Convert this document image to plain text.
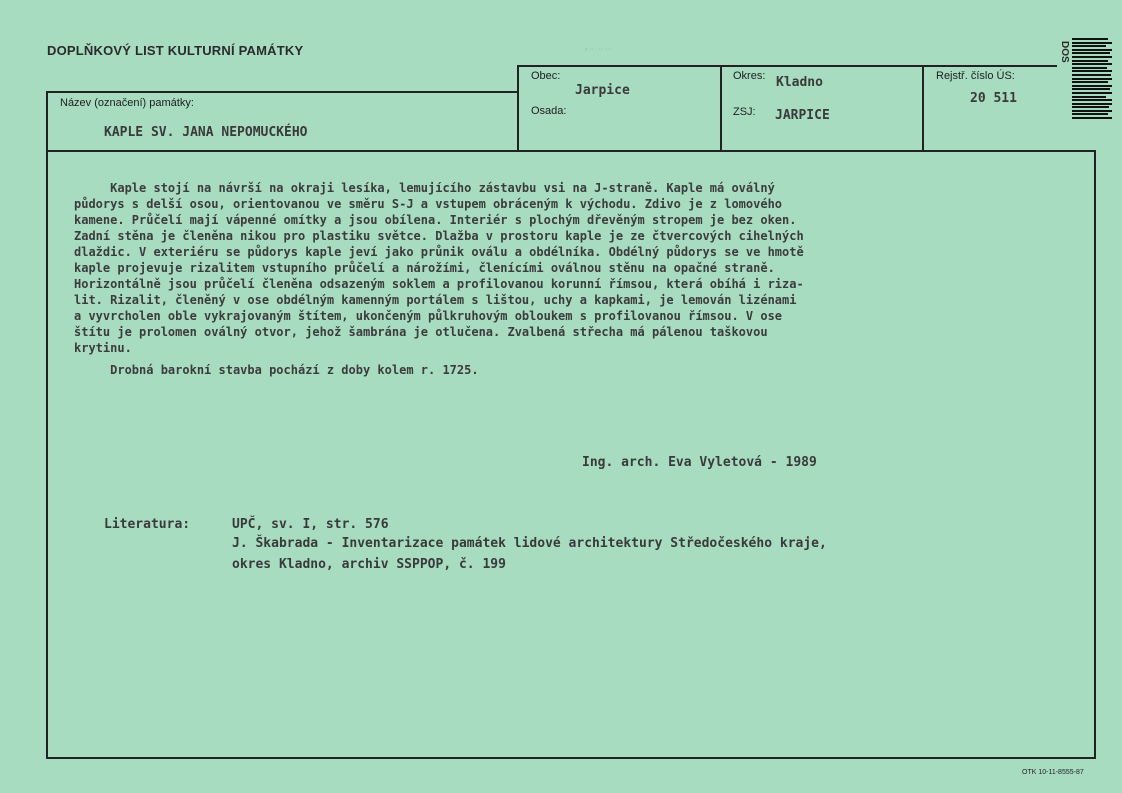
DOPLŇKOVÝ LIST KULTURNÍ PAMÁTKY	› ·· ··· ···
Název (označení) památky:
Obec:
Osada:
Okres:
ZSJ:
Rejstř. číslo ÚS:
KAPLE SV. JANA NEPOMUCKÉHO
Jarpice
Kladno
JARPICE
20 511
DOS
Kaple stojí na návrší na okraji lesíka, lemujícího zástavbu vsi na J-straně. Kaple má oválný
půdorys s delší osou, orientovanou ve směru S-J a vstupem obráceným k východu. Zdivo je z lomového
kamene. Průčelí mají vápenné omítky a jsou obílena. Interiér s plochým dřevěným stropem je bez oken.
Zadní stěna je členěna nikou pro plastiku světce. Dlažba v prostoru kaple je ze čtvercových cihelných
dlaždic. V exteriéru se půdorys kaple jeví jako průnik oválu a obdélníka. Obdélný půdorys se ve hmotě
kaple projevuje rizalitem vstupního průčelí a nárožími, členícími oválnou stěnu na opačné straně.
Horizontálně jsou průčelí členěna odsazeným soklem a profilovanou korunní římsou, která obíhá i riza-
lit. Rizalit, členěný v ose obdélným kamenným portálem s lištou, uchy a kapkami, je lemován lizénami
a vyvrcholen oble vykrajovaným štítem, ukončeným půlkruhovým obloukem s profilovanou římsou. V ose
štítu je prolomen oválný otvor, jehož šambrána je otlučena. Zvalbená střecha má pálenou taškovou
krytinu.
Drobná barokní stavba pochází z doby kolem r. 1725.
Ing. arch. Eva Vyletová - 1989
Literatura:	UPČ, sv. I, str. 576
J. Škabrada - Inventarizace památek lidové architektury Středočeského kraje,
okres Kladno, archiv SSPPOP, č. 199
OTK 10-11-8555-87
